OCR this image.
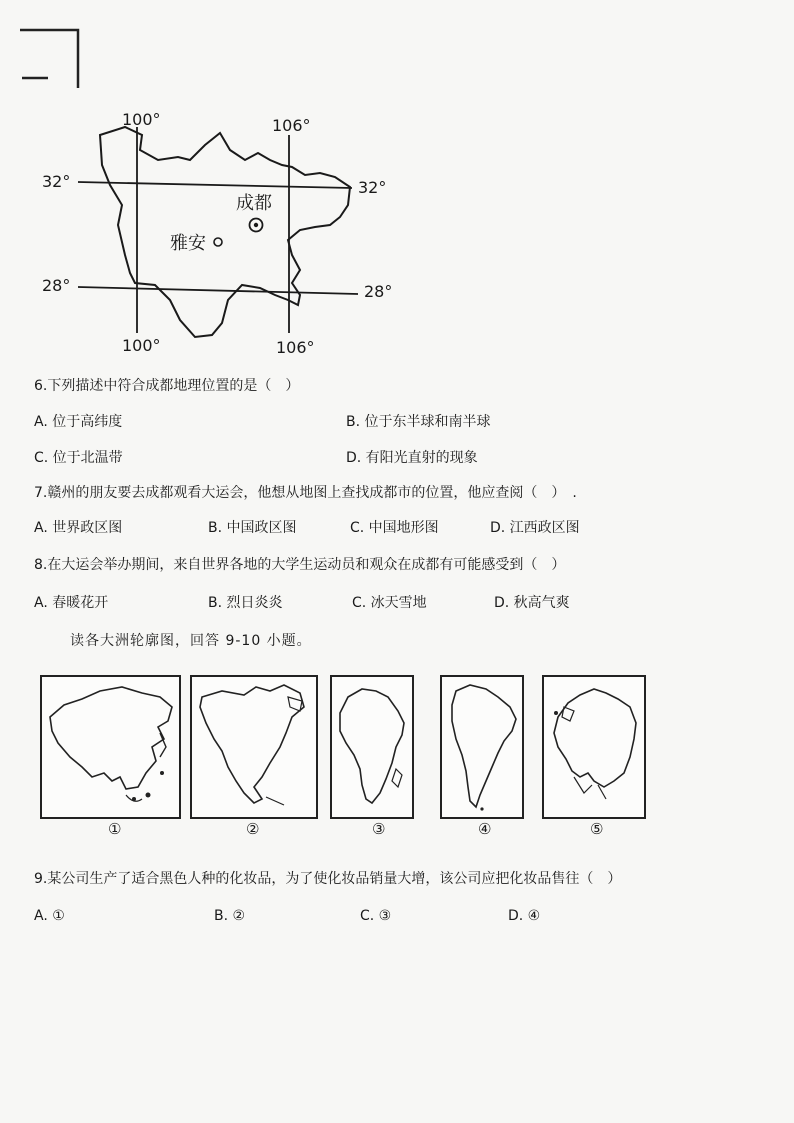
100°	106°
100°	106°
32°	32°
28°	28°
成都
雅安
6.下列描述中符合成都地理位置的是（　）
A. 位于高纬度	B. 位于东半球和南半球
C. 位于北温带	D. 有阳光直射的现象
7.赣州的朋友要去成都观看大运会，他想从地图上查找成都市的位置，他应查阅（　）　.
A. 世界政区图	B. 中国政区图	C. 中国地形图	D. 江西政区图
8.在大运会举办期间，来自世界各地的大学生运动员和观众在成都有可能感受到（　）
A. 春暖花开	B. 烈日炎炎	C. 冰天雪地	D. 秋高气爽
读各大洲轮廓图，回答 9-10 小题。
①	②	③	④	⑤
9.某公司生产了适合黑色人种的化妆品，为了使化妆品销量大增，该公司应把化妆品售往（　）
A. ①	B. ②	C. ③	D. ④
